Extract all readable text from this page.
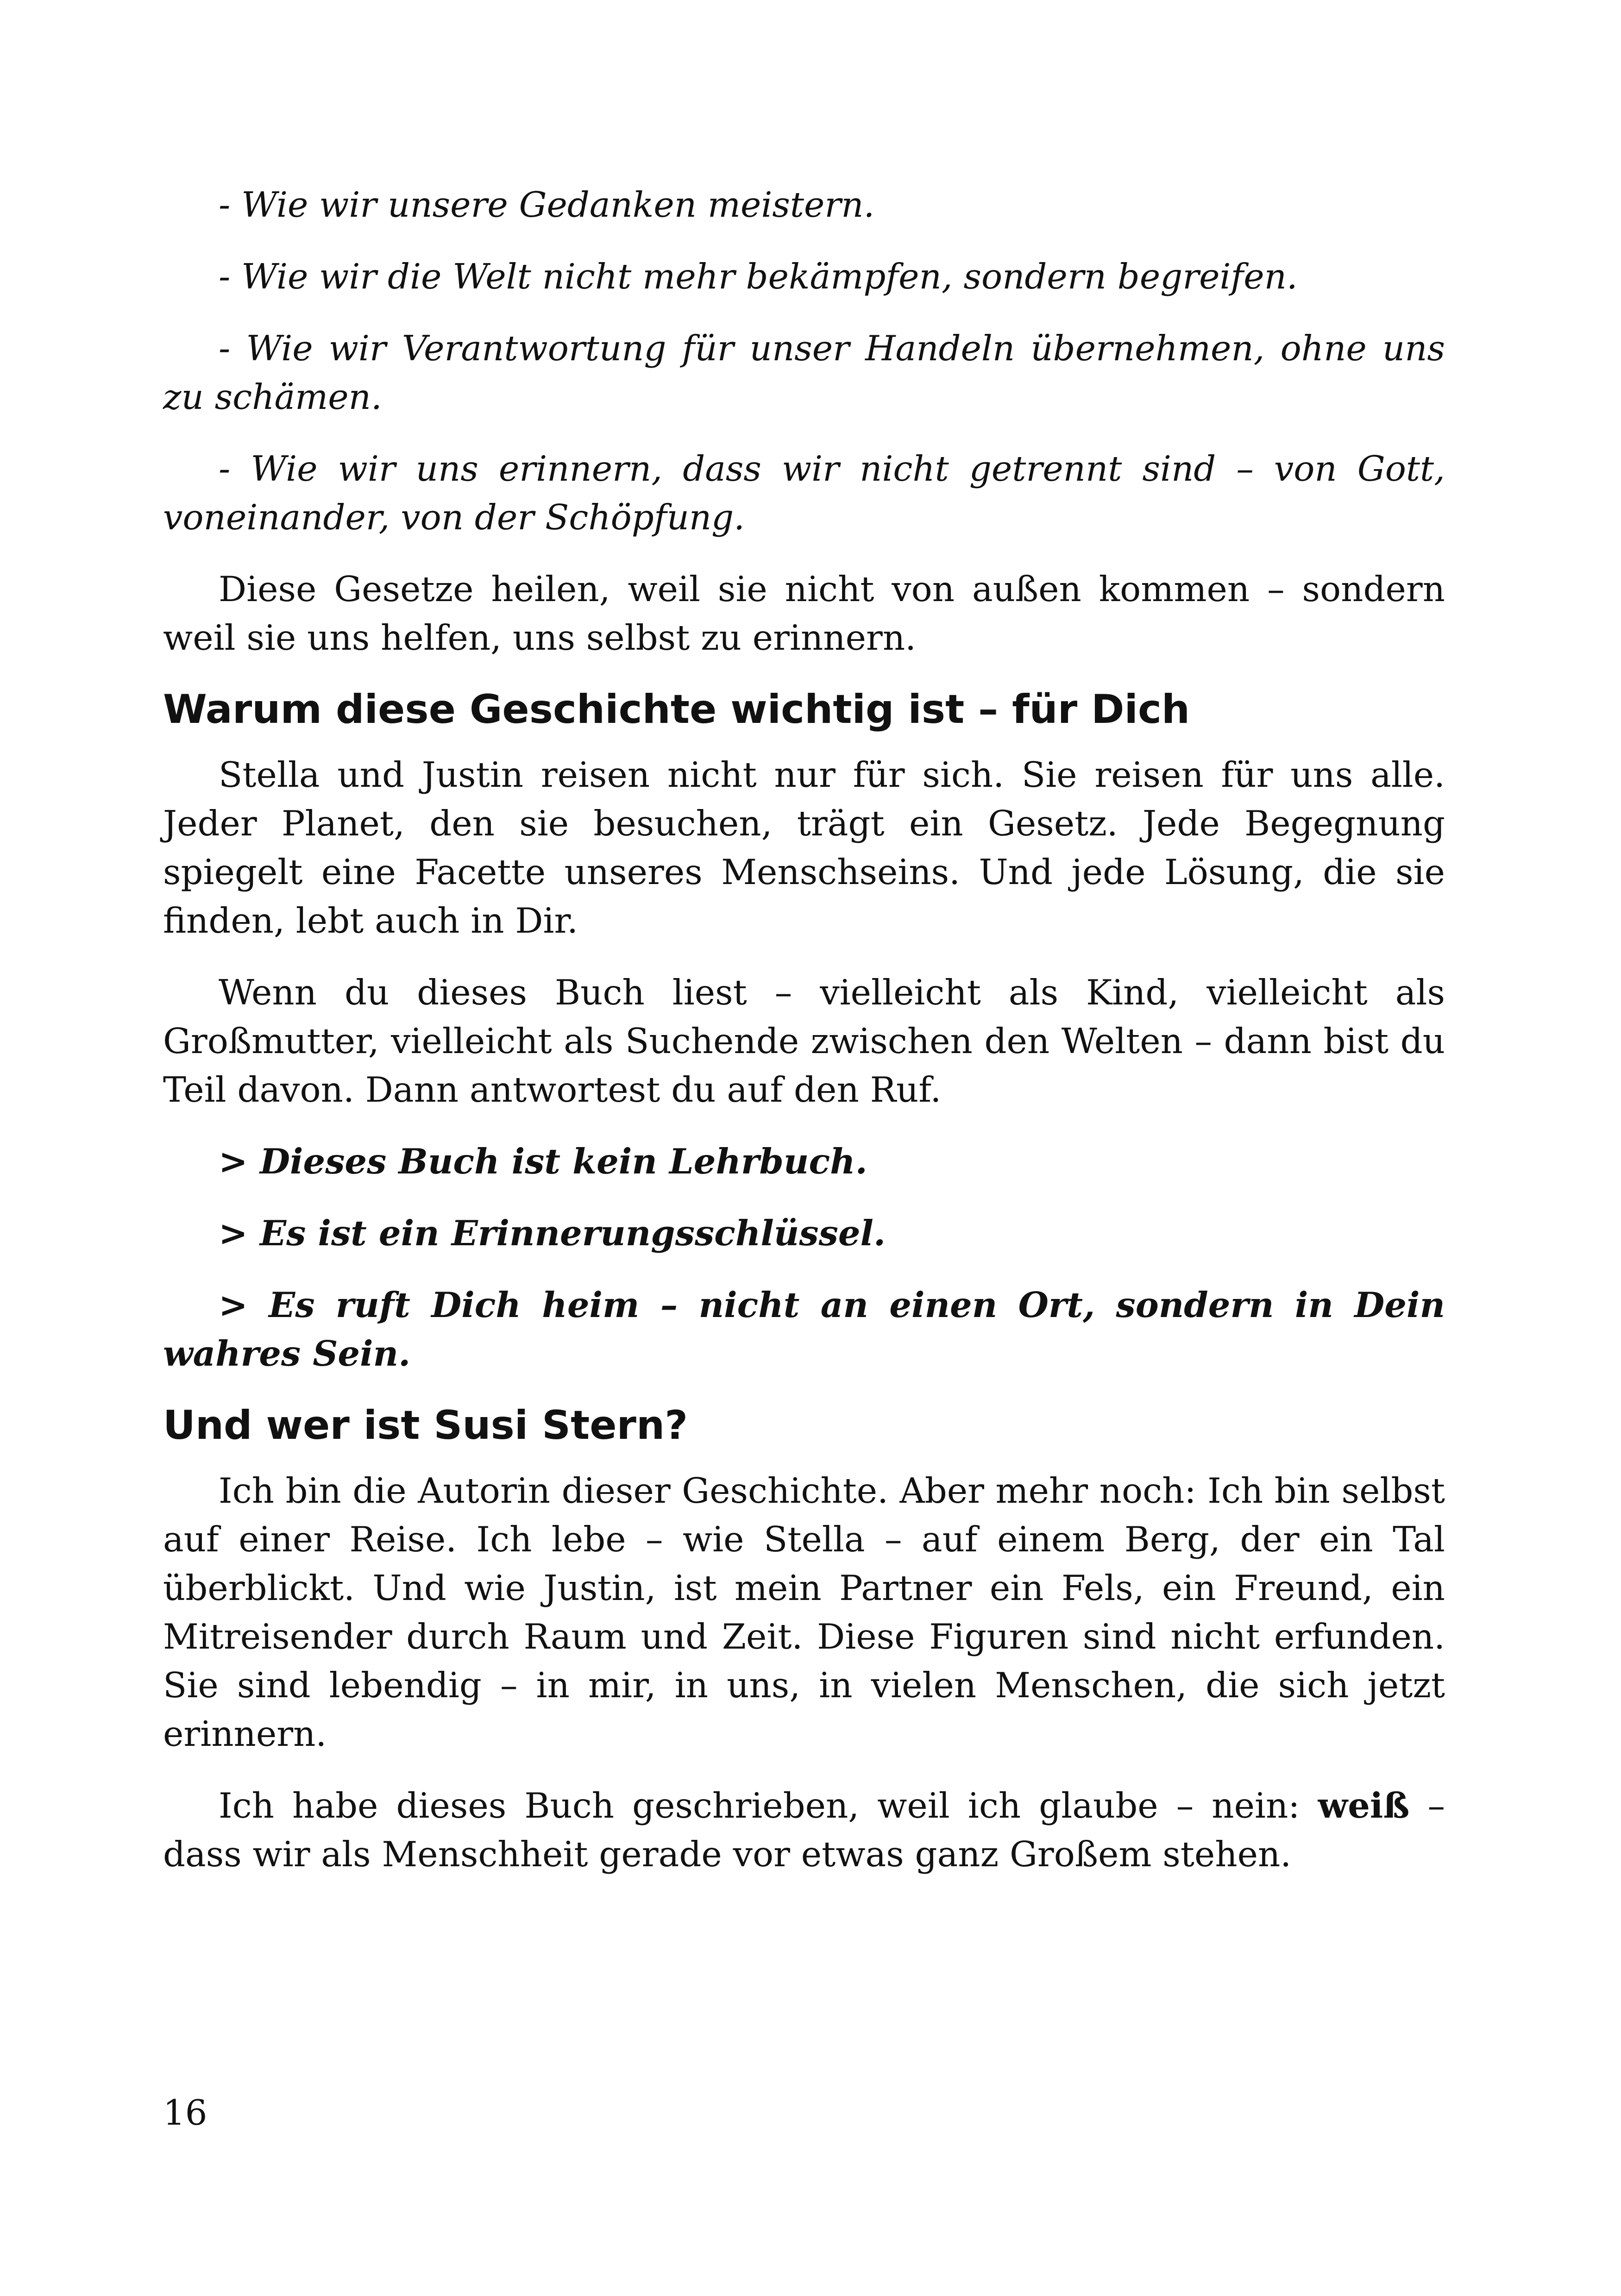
- Wie wir unsere Gedanken meistern.

- Wie wir die Welt nicht mehr bekämpfen, sondern begreifen.

- Wie wir Verantwortung für unser Handeln übernehmen, ohne uns zu schämen.

- Wie wir uns erinnern, dass wir nicht getrennt sind – von Gott, voneinander, von der Schöpfung.

Diese Gesetze heilen, weil sie nicht von außen kommen – sondern weil sie uns helfen, uns selbst zu erinnern.

Warum diese Geschichte wichtig ist – für Dich

Stella und Justin reisen nicht nur für sich. Sie reisen für uns alle. Jeder Planet, den sie besuchen, trägt ein Gesetz. Jede Begegnung spiegelt eine Facette unseres Menschseins. Und jede Lösung, die sie finden, lebt auch in Dir.

Wenn du dieses Buch liest – vielleicht als Kind, vielleicht als Großmutter, vielleicht als Suchende zwischen den Welten – dann bist du Teil davon. Dann antwortest du auf den Ruf.

> Dieses Buch ist kein Lehrbuch.

> Es ist ein Erinnerungsschlüssel.

> Es ruft Dich heim – nicht an einen Ort, sondern in Dein wahres Sein.

Und wer ist Susi Stern?

Ich bin die Autorin dieser Geschichte. Aber mehr noch: Ich bin selbst auf einer Reise. Ich lebe – wie Stella – auf einem Berg, der ein Tal überblickt. Und wie Justin, ist mein Partner ein Fels, ein Freund, ein Mitreisender durch Raum und Zeit. Diese Figuren sind nicht erfunden. Sie sind lebendig – in mir, in uns, in vielen Menschen, die sich jetzt erinnern.

Ich habe dieses Buch geschrieben, weil ich glaube – nein: weiß – dass wir als Menschheit gerade vor etwas ganz Großem stehen.

16
